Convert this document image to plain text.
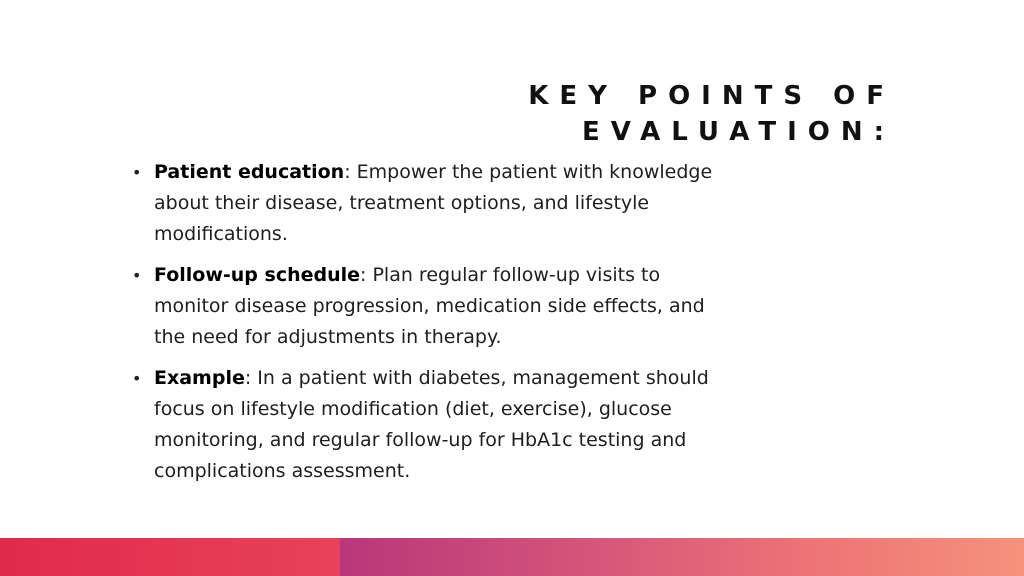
KEY POINTS OF
EVALUATION:
• Patient education: Empower the patient with knowledge about their disease, treatment options, and lifestyle modifications.
• Follow-up schedule: Plan regular follow-up visits to monitor disease progression, medication side effects, and the need for adjustments in therapy.
• Example: In a patient with diabetes, management should focus on lifestyle modification (diet, exercise), glucose monitoring, and regular follow-up for HbA1c testing and complications assessment.
